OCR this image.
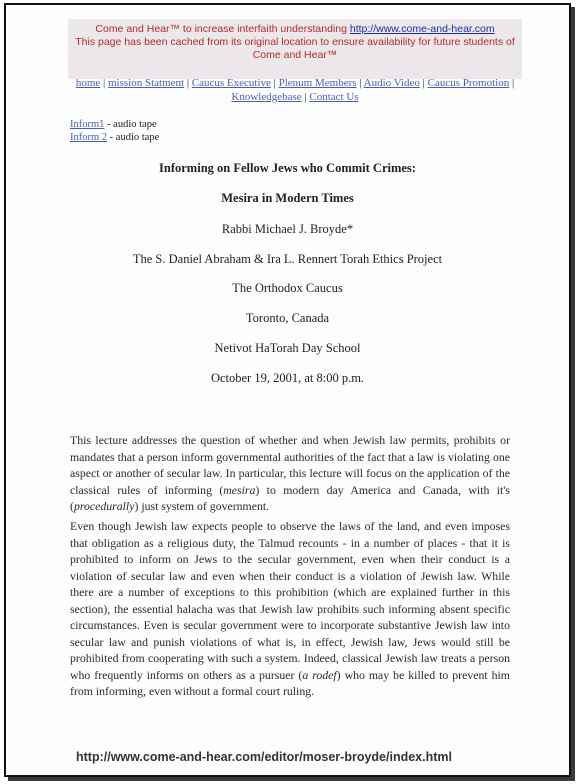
Come and Hear™ to increase interfaith understanding http://www.come-and-hear.com
This page has been cached from its original location to ensure availability for future students of
Come and Hear™
home | mission Statment | Caucus Executive | Plenum Members | Audio Video | Caucus Promotion | Knowledgebase | Contact Us
Inform1 - audio tape
Inform 2 - audio tape
Informing on Fellow Jews who Commit Crimes:
Mesira in Modern Times
Rabbi Michael J. Broyde*
The S. Daniel Abraham & Ira L. Rennert Torah Ethics Project
The Orthodox Caucus
Toronto, Canada
Netivot HaTorah Day School
October 19, 2001, at 8:00 p.m.
This lecture addresses the question of whether and when Jewish law permits, prohibits or mandates that a person inform governmental authorities of the fact that a law is violating one aspect or another of secular law. In particular, this lecture will focus on the application of the classical rules of informing (mesira) to modern day America and Canada, with it's (procedurally) just system of government.
Even though Jewish law expects people to observe the laws of the land, and even imposes that obligation as a religious duty, the Talmud recounts - in a number of places - that it is prohibited to inform on Jews to the secular government, even when their conduct is a violation of secular law and even when their conduct is a violation of Jewish law. While there are a number of exceptions to this prohibition (which are explained further in this section), the essential halacha was that Jewish law prohibits such informing absent specific circumstances. Even is secular government were to incorporate substantive Jewish law into secular law and punish violations of what is, in effect, Jewish law, Jews would still be prohibited from cooperating with such a system. Indeed, classical Jewish law treats a person who frequently informs on others as a pursuer (a rodef) who may be killed to prevent him from informing, even without a formal court ruling.
http://www.come-and-hear.com/editor/moser-broyde/index.html
